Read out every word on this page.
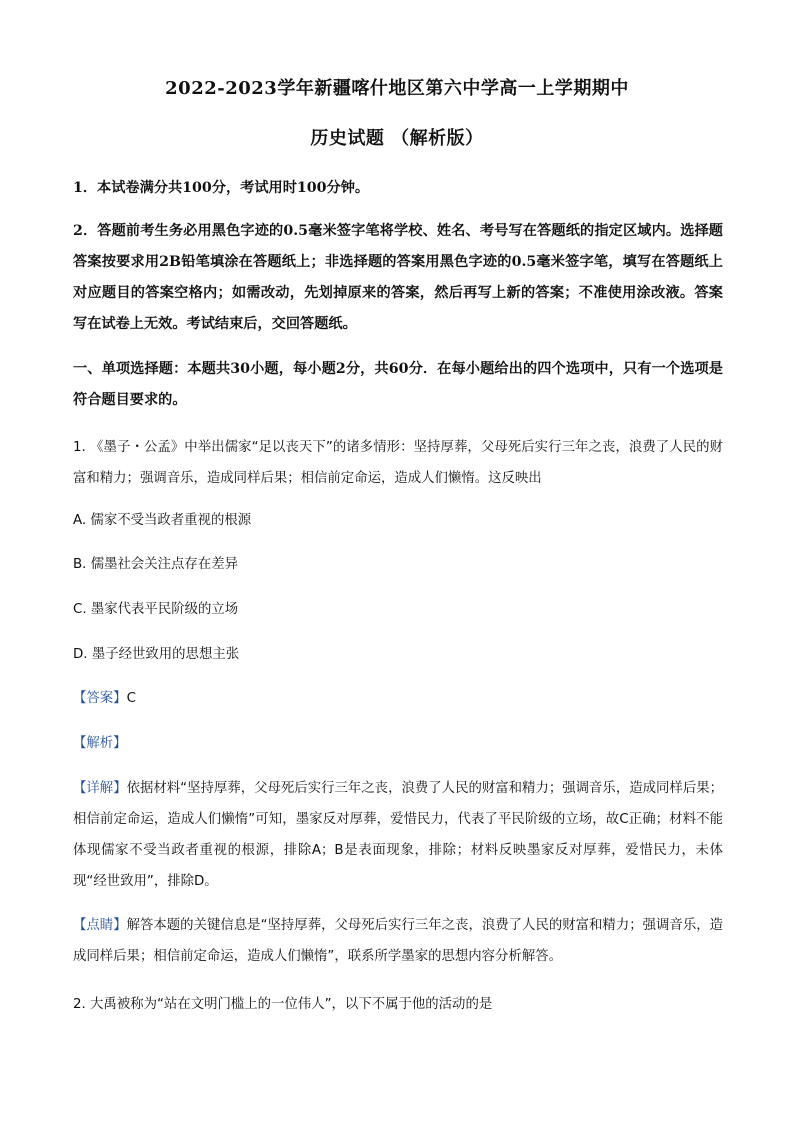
2022-2023学年新疆喀什地区第六中学高一上学期期中
历史试题 （解析版）
1．本试卷满分共100分，考试用时100分钟。
2．答题前考生务必用黑色字迹的0.5毫米签字笔将学校、姓名、考号写在答题纸的指定区域内。选择题答案按要求用2B铅笔填涂在答题纸上；非选择题的答案用黑色字迹的0.5毫米签字笔，填写在答题纸上对应题目的答案空格内；如需改动，先划掉原来的答案，然后再写上新的答案；不准使用涂改液。答案写在试卷上无效。考试结束后，交回答题纸。
一、单项选择题：本题共30小题，每小题2分，共60分．在每小题给出的四个选项中，只有一个选项是符合题目要求的。
1. 《墨子・公孟》中举出儒家“足以丧天下”的诸多情形：坚持厚葬，父母死后实行三年之丧，浪费了人民的财富和精力；强调音乐，造成同样后果；相信前定命运，造成人们懒惰。这反映出
A. 儒家不受当政者重视的根源
B. 儒墨社会关注点存在差异
C. 墨家代表平民阶级的立场
D. 墨子经世致用的思想主张
【答案】C
【解析】
【详解】依据材料“坚持厚葬，父母死后实行三年之丧，浪费了人民的财富和精力；强调音乐，造成同样后果；相信前定命运，造成人们懒惰”可知，墨家反对厚葬，爱惜民力，代表了平民阶级的立场，故C正确；材料不能体现儒家不受当政者重视的根源，排除A；B是表面现象，排除；材料反映墨家反对厚葬，爱惜民力，未体现“经世致用”，排除D。
【点睛】解答本题的关键信息是“坚持厚葬，父母死后实行三年之丧，浪费了人民的财富和精力；强调音乐，造成同样后果；相信前定命运，造成人们懒惰”，联系所学墨家的思想内容分析解答。
2. 大禹被称为“站在文明门槛上的一位伟人”，以下不属于他的活动的是
